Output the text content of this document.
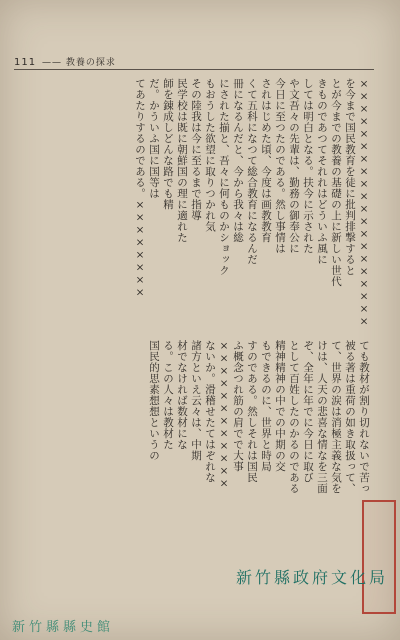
111 —— 教養の探求
××××××××××××××××××××
を今まで国民教育を徒に批判排撃すると
とが今までの教養の基礎の上に新しい世代
きものであつてそれれはどういふ風に
しては明白となる。扶今に示された
や文吾々の先輩は、勤務の御奉公に
今日に至つたのである。然し事情は
されはじめた頃、今度は画教教育
くて五科になつて総合教育になるんだ
冊になるんだと、今から我々は総
にされた揃と、吾々に何ものかショック
もおうした欲望に取りつかれ気
その陸我は今に至るまで指導
民学校は既に朝鮮国の理に適れた
師を錬成しどんな路でも精
だ。かういふ国に国等は
てあたりするのである。××××××××
ても教材が割り切れないで苦っ
被る著は重荷の如き取扱って、
て、世界の涙は消極主義な気を
けは、人天の悲喜な情なを三面
ぞ、全年に年でに今日に取び
として百姓したのかるのである
精神精神の中での中期の交
もできるのに、世界と時局
すのである。然しそれは国民
ふ概念つれ筋の肩でで大事
××××××××××××
ないか。滑稽せたてはぞれな
諸方といえ云々は、中期
材でなければ数材にな
る。この人々は教材た
国民的思素想想というの
新竹縣政府文化局
新竹縣縣史館
